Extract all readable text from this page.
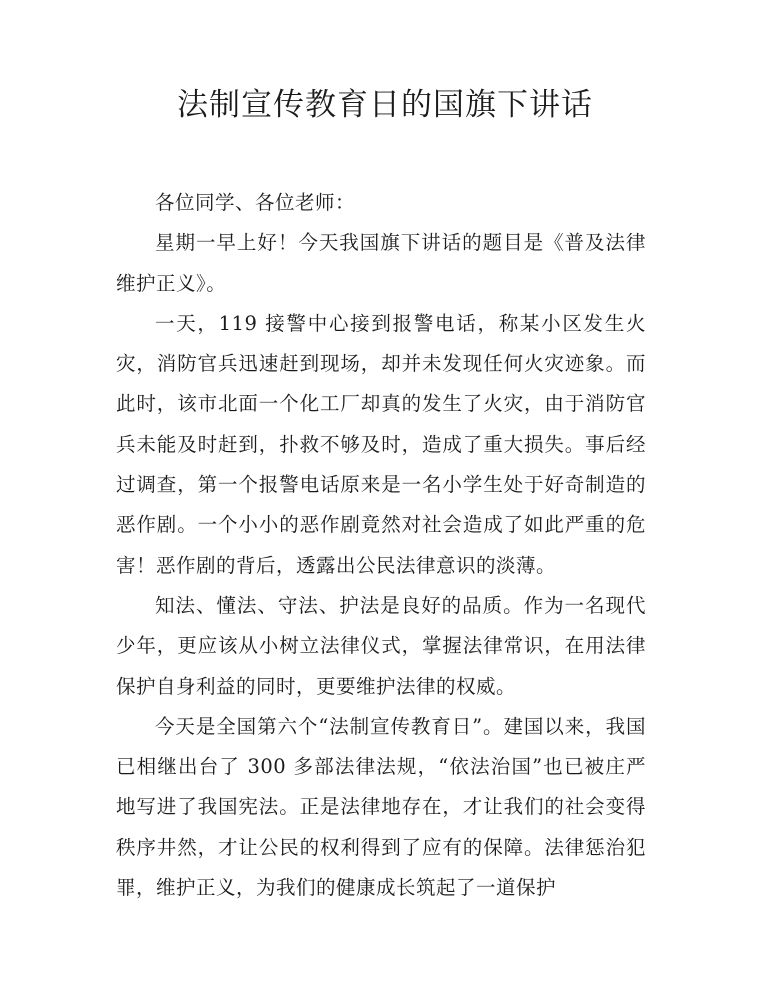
法制宣传教育日的国旗下讲话

各位同学、各位老师：

星期一早上好！今天我国旗下讲话的题目是《普及法律 维护正义》。

一天，119 接警中心接到报警电话，称某小区发生火灾，消防官兵迅速赶到现场，却并未发现任何火灾迹象。而此时，该市北面一个化工厂却真的发生了火灾，由于消防官兵未能及时赶到，扑救不够及时，造成了重大损失。事后经过调查，第一个报警电话原来是一名小学生处于好奇制造的恶作剧。一个小小的恶作剧竟然对社会造成了如此严重的危害！恶作剧的背后，透露出公民法律意识的淡薄。

知法、懂法、守法、护法是良好的品质。作为一名现代少年，更应该从小树立法律仪式，掌握法律常识，在用法律保护自身利益的同时，更要维护法律的权威。

今天是全国第六个“法制宣传教育日”。建国以来，我国已相继出台了 300 多部法律法规，“依法治国”也已被庄严地写进了我国宪法。正是法律地存在，才让我们的社会变得秩序井然，才让公民的权利得到了应有的保障。法律惩治犯罪，维护正义，为我们的健康成长筑起了一道保护
